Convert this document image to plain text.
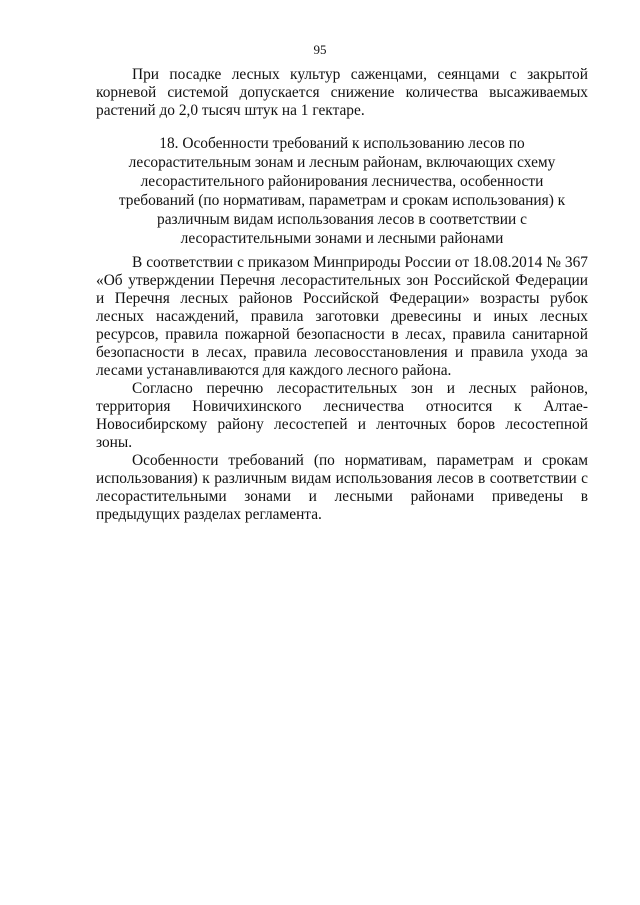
95

При посадке лесных культур саженцами, сеянцами с закрытой корневой системой допускается снижение количества высаживаемых растений до 2,0 тысяч штук на 1 гектаре.

18. Особенности требований к использованию лесов по
лесорастительным зонам и лесным районам, включающих схему
лесорастительного районирования лесничества, особенности
требований (по нормативам, параметрам и срокам использования) к
различным видам использования лесов в соответствии с
лесорастительными зонами и лесными районами

В соответствии с приказом Минприроды России от 18.08.2014 № 367 «Об утверждении Перечня лесорастительных зон Российской Федерации и Перечня лесных районов Российской Федерации» возрасты рубок лесных насаждений, правила заготовки древесины и иных лесных ресурсов, правила пожарной безопасности в лесах, правила санитарной безопасности в лесах, правила лесовосстановления и правила ухода за лесами устанавливаются для каждого лесного района.

Согласно перечню лесорастительных зон и лесных районов, территория Новичихинского лесничества относится к Алтае-Новосибирскому району лесостепей и ленточных боров лесостепной зоны.

Особенности требований (по нормативам, параметрам и срокам использования) к различным видам использования лесов в соответствии с лесорастительными зонами и лесными районами приведены в предыдущих разделах регламента.
